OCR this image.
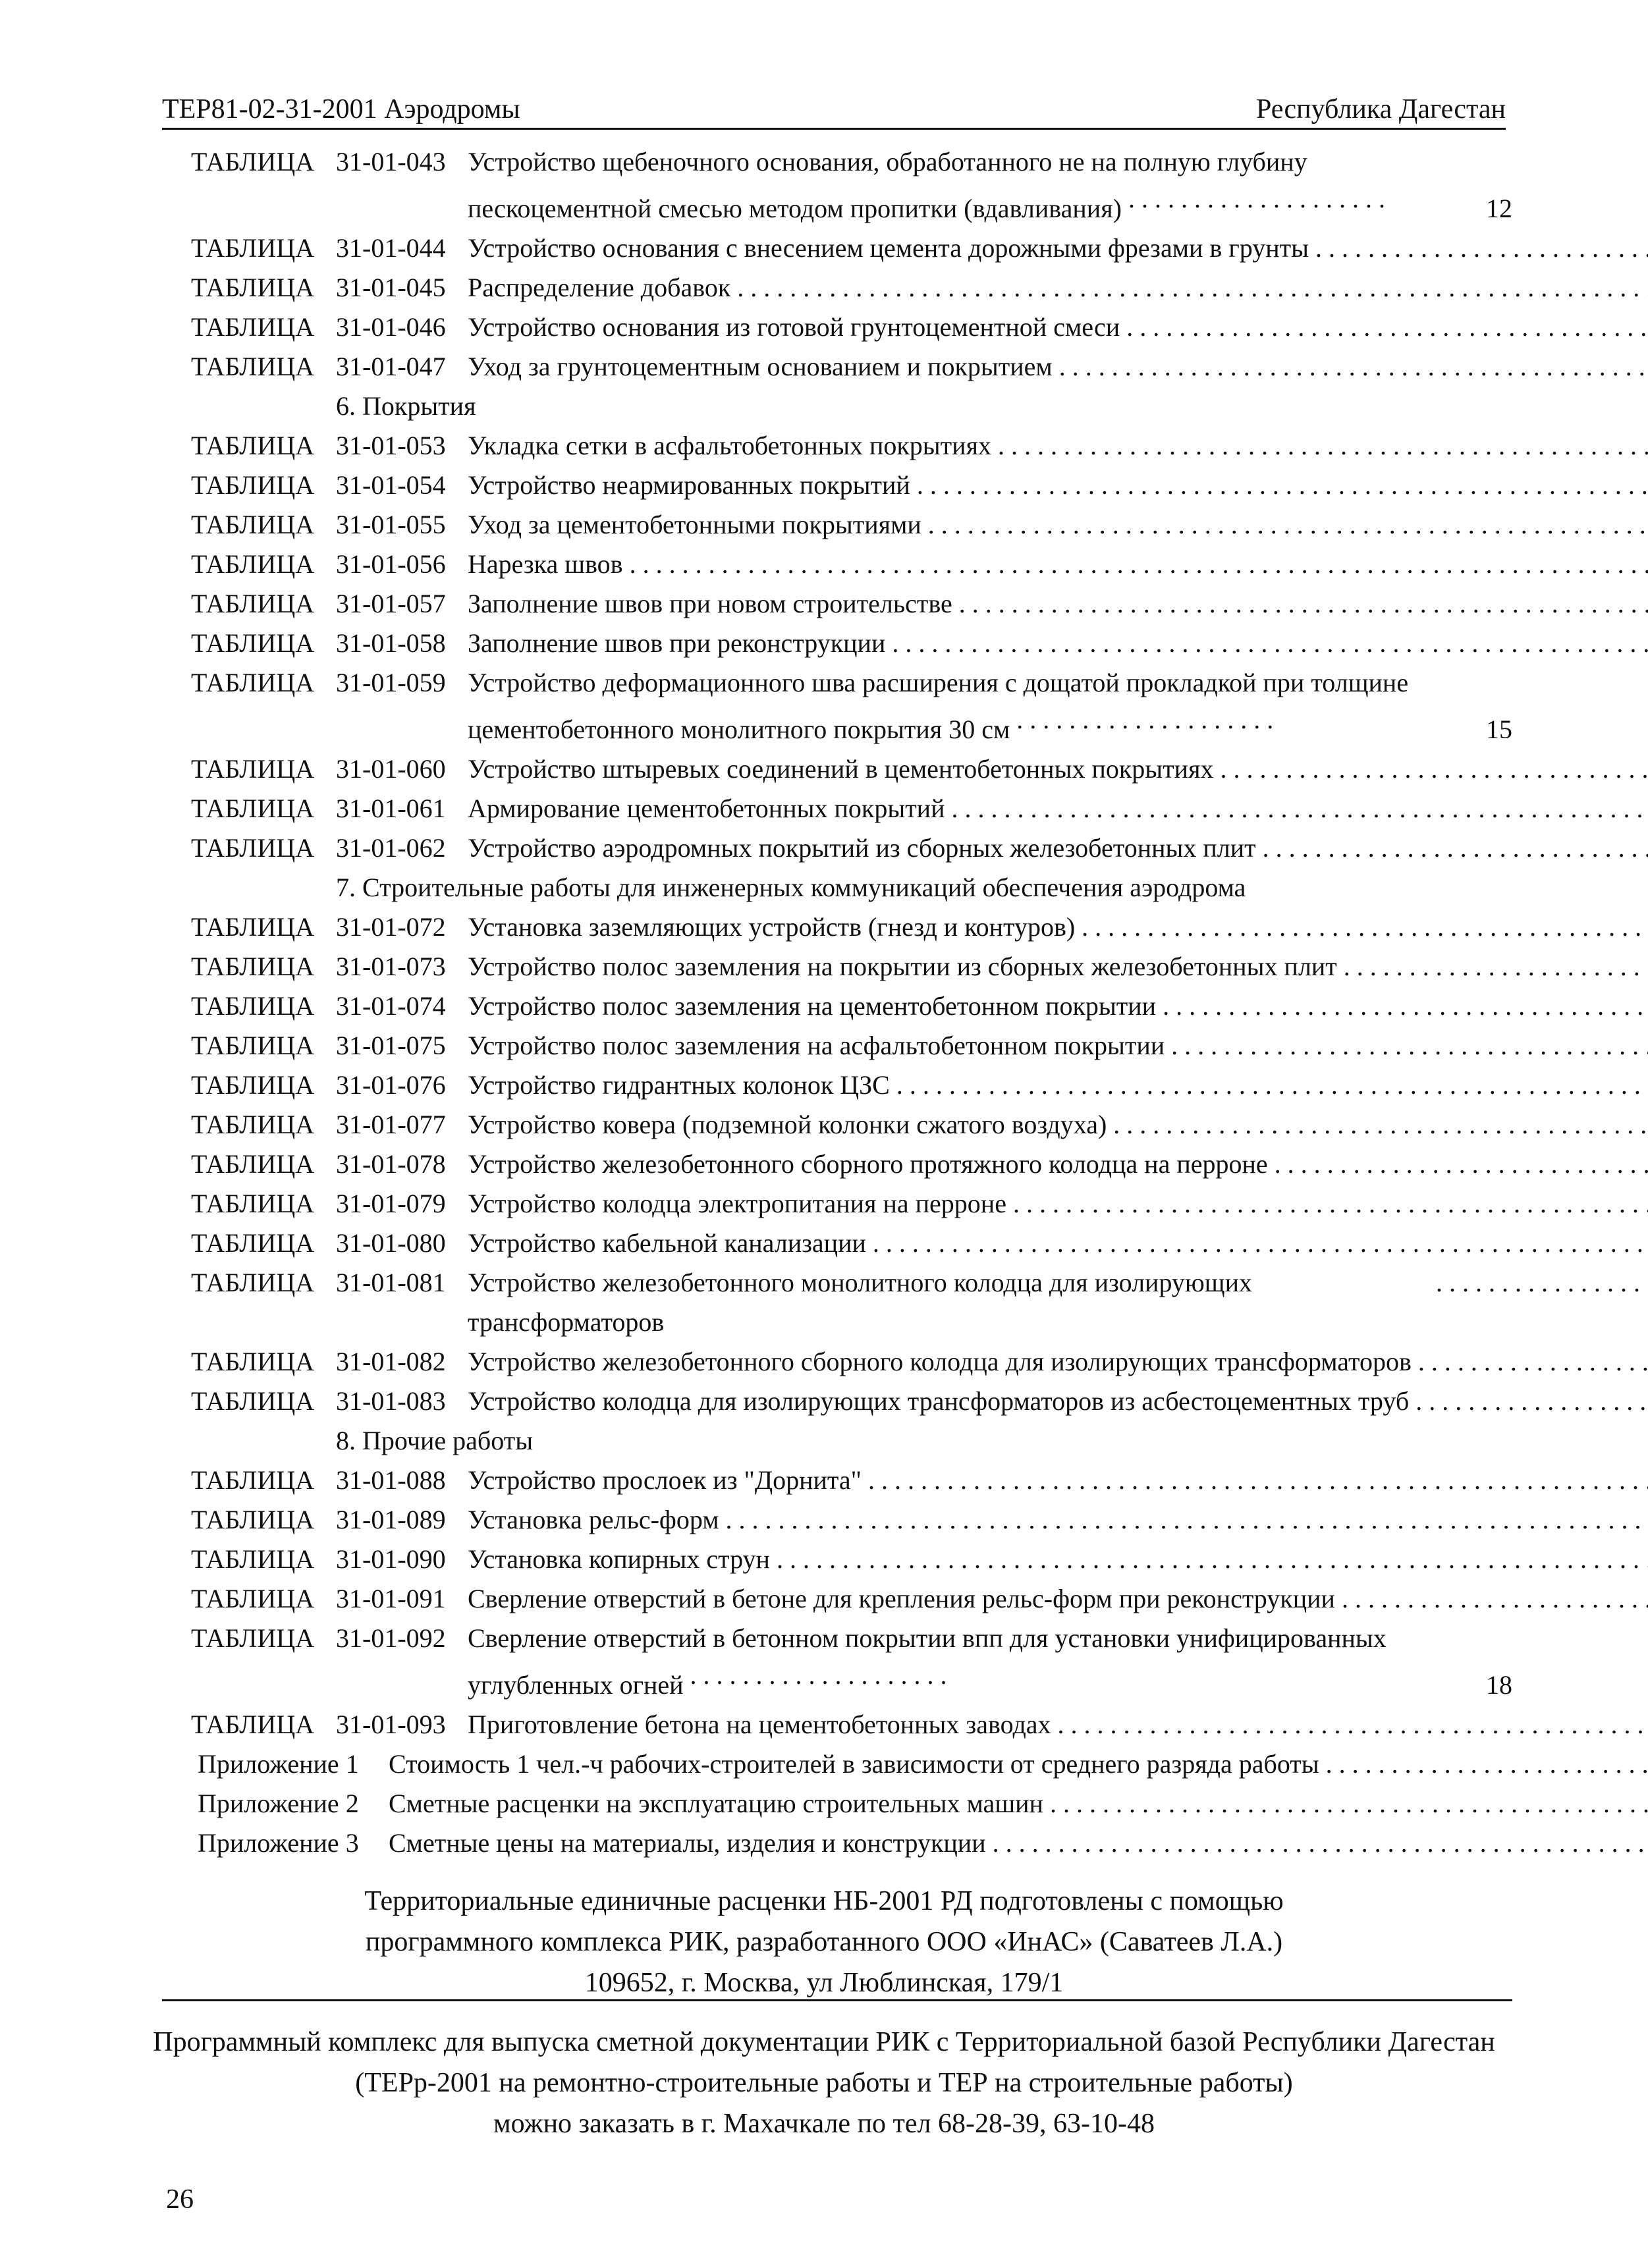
ТЕР81-02-31-2001 Аэродромы	Республика Дагестан
ТАБЛИЦА 31-01-043 Устройство щебеночного основания, обработанного не на полную глубину пескоцементной смесью методом пропитки (вдавливания) . . .	12
ТАБЛИЦА 31-01-044 Устройство основания с внесением цемента дорожными фрезами в грунты
. . .
ТАБЛИЦА 31-01-045 Распределение добавок
. . .
ТАБЛИЦА 31-01-046 Устройство основания из готовой грунтоцементной смеси
. . .
ТАБЛИЦА 31-01-047 Уход за грунтоцементным основанием и покрытием
. . .
6. Покрытия
ТАБЛИЦА 31-01-053 Укладка сетки в асфальтобетонных покрытиях
. . .
ТАБЛИЦА 31-01-054 Устройство неармированных покрытий
. . .
ТАБЛИЦА 31-01-055 Уход за цементобетонными покрытиями
. . .
ТАБЛИЦА 31-01-056 Нарезка швов
. . .
ТАБЛИЦА 31-01-057 Заполнение швов при новом строительстве
. . .
ТАБЛИЦА 31-01-058 Заполнение швов при реконструкции
. . .
ТАБЛИЦА 31-01-059 Устройство деформационного шва расширения с дощатой прокладкой при толщине цементобетонного монолитного покрытия 30 см . . .	15
ТАБЛИЦА 31-01-060 Устройство штыревых соединений в цементобетонных покрытиях
. . .
ТАБЛИЦА 31-01-061 Армирование цементобетонных покрытий
. . .
ТАБЛИЦА 31-01-062 Устройство аэродромных покрытий из сборных железобетонных плит
. . .
7. Строительные работы для инженерных коммуникаций обеспечения аэродрома
ТАБЛИЦА 31-01-072 Установка заземляющих устройств (гнезд и контуров)
. . .
ТАБЛИЦА 31-01-073 Устройство полос заземления на покрытии из сборных железобетонных плит
. . .
ТАБЛИЦА 31-01-074 Устройство полос заземления на цементобетонном покрытии
. . .
ТАБЛИЦА 31-01-075 Устройство полос заземления на асфальтобетонном покрытии
. . .
ТАБЛИЦА 31-01-076 Устройство гидрантных колонок ЦЗС
. . .
ТАБЛИЦА 31-01-077 Устройство ковера (подземной колонки сжатого воздуха)
. . .
ТАБЛИЦА 31-01-078 Устройство железобетонного сборного протяжного колодца на перроне
. . .
ТАБЛИЦА 31-01-079 Устройство колодца электропитания на перроне
. . .
ТАБЛИЦА 31-01-080 Устройство кабельной канализации
. . .
ТАБЛИЦА 31-01-081 Устройство железобетонного монолитного колодца для изолирующих трансформаторов
. . .
ТАБЛИЦА 31-01-082 Устройство железобетонного сборного колодца для изолирующих трансформаторов
. . .
ТАБЛИЦА 31-01-083 Устройство колодца для изолирующих трансформаторов из асбестоцементных труб
. . .
8. Прочие работы
ТАБЛИЦА 31-01-088 Устройство прослоек из "Дорнита"
. . .
ТАБЛИЦА 31-01-089 Установка рельс-форм
. . .
ТАБЛИЦА 31-01-090 Установка копирных струн
. . .
ТАБЛИЦА 31-01-091 Сверление отверстий в бетоне для крепления рельс-форм при реконструкции
. . .
ТАБЛИЦА 31-01-092 Сверление отверстий в бетонном покрытии впп для установки унифицированных углубленных огней . . .	18
ТАБЛИЦА 31-01-093 Приготовление бетона на цементобетонных заводах
. . .
Приложение 1	Стоимость 1 чел.-ч рабочих-строителей в зависимости от среднего разряда работы
. . .
Приложение 2	Сметные расценки на эксплуатацию строительных машин
. . .
Приложение 3	Сметные цены на материалы, изделия и конструкции
. . .
Территориальные единичные расценки НБ-2001 РД подготовлены с помощью
программного комплекса РИК, разработанного ООО «ИнАС» (Саватеев Л.А.)
109652, г. Москва, ул Люблинская, 179/1
Программный комплекс для выпуска сметной документации РИК с Территориальной базой Республики Дагестан
(ТЕРр-2001 на ремонтно-строительные работы и ТЕР на строительные работы)
можно заказать в г. Махачкале по тел 68-28-39, 63-10-48
26
